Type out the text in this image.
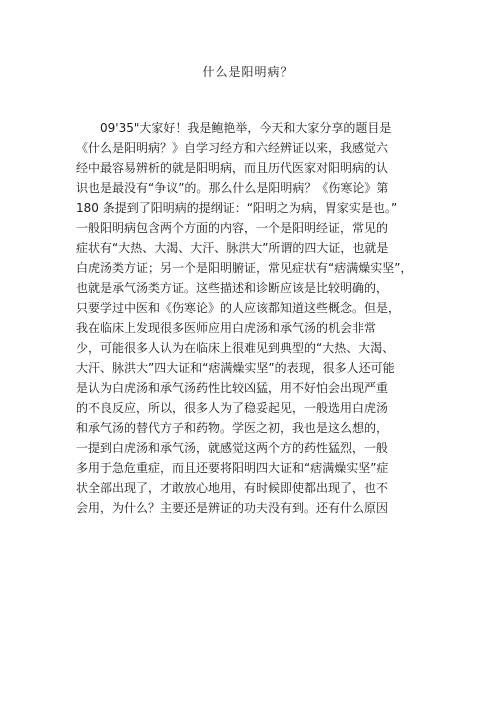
什么是阳明病？
09'35"大家好！我是鲍艳举，今天和大家分享的题目是
《什么是阳明病？》自学习经方和六经辨证以来，我感觉六
经中最容易辨析的就是阳明病，而且历代医家对阳明病的认
识也是最没有“争议”的。那么什么是阳明病？《伤寒论》第
180 条提到了阳明病的提纲证：“阳明之为病，胃家实是也。”
一般阳明病包含两个方面的内容，一个是阳明经证，常见的
症状有“大热、大渴、大汗、脉洪大”所谓的四大证，也就是
白虎汤类方证；另一个是阳明腑证，常见症状有“痞满燥实坚”，
也就是承气汤类方证。这些描述和诊断应该是比较明确的，
只要学过中医和《伤寒论》的人应该都知道这些概念。但是，
我在临床上发现很多医师应用白虎汤和承气汤的机会非常
少，可能很多人认为在临床上很难见到典型的“大热、大渴、
大汗、脉洪大”四大证和“痞满燥实坚”的表现，很多人还可能
是认为白虎汤和承气汤药性比较凶猛，用不好怕会出现严重
的不良反应，所以，很多人为了稳妥起见，一般选用白虎汤
和承气汤的替代方子和药物。学医之初，我也是这么想的，
一提到白虎汤和承气汤，就感觉这两个方的药性猛烈，一般
多用于急危重症，而且还要将阳明四大证和“痞满燥实坚”症
状全部出现了，才敢放心地用，有时候即使都出现了，也不
会用，为什么？主要还是辨证的功夫没有到。还有什么原因
